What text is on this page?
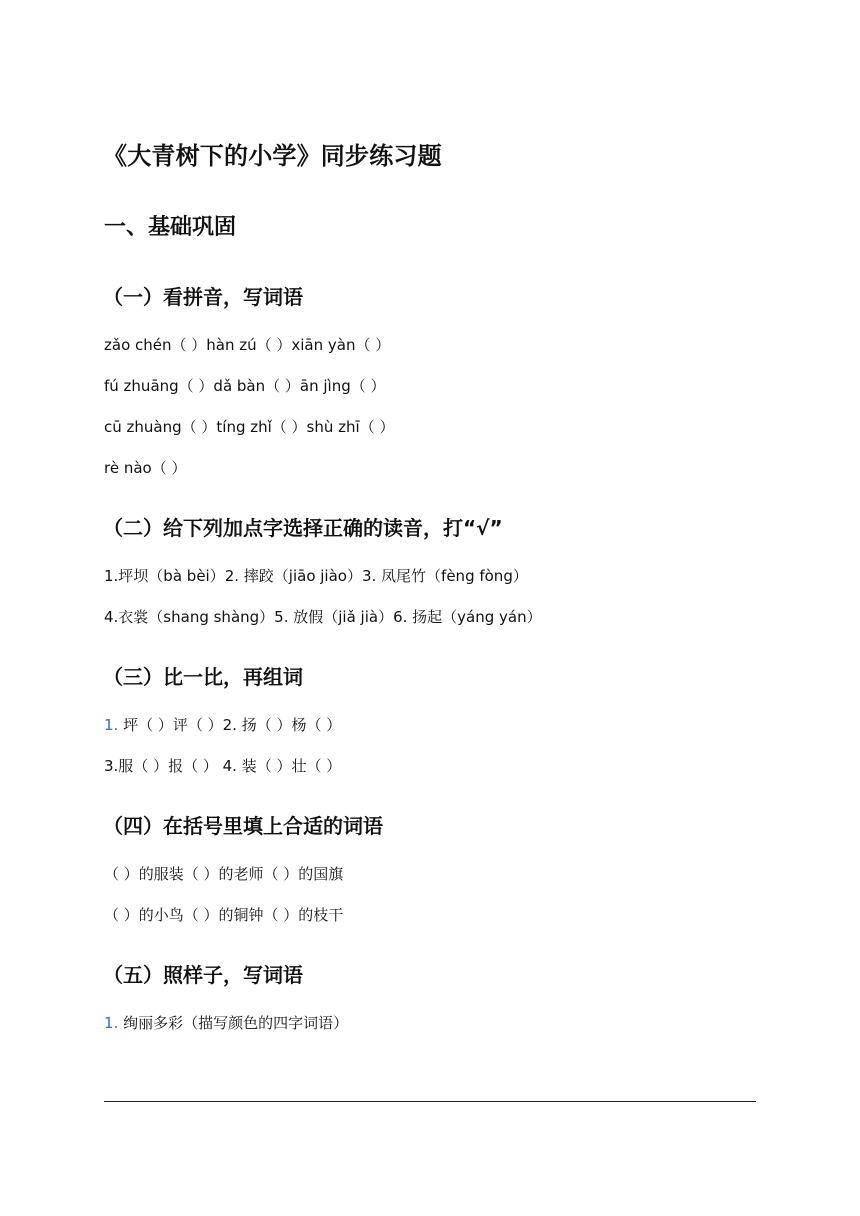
《大青树下的小学》同步练习题
一、基础巩固
（一）看拼音，写词语
zǎo chén（ ）hàn zú（ ）xiān yàn（ ）
fú zhuāng（ ）dǎ bàn（ ）ān jìng（ ）
cū zhuàng（ ）tíng zhǐ（ ）shù zhī（ ）
rè nào（ ）
（二）给下列加点字选择正确的读音，打“√”
1.坪坝（bà bèi）2. 摔跤（jiāo jiào）3. 凤尾竹（fèng fòng）
4.衣裳（shang shàng）5. 放假（jiǎ jià）6. 扬起（yáng yán）
（三）比一比，再组词
1. 坪（ ）评（ ）2. 扬（ ）杨（ ）
3.服（ ）报（ ） 4. 装（ ）壮（ ）
（四）在括号里填上合适的词语
（ ）的服装（ ）的老师（ ）的国旗
（ ）的小鸟（ ）的铜钟（ ）的枝干
（五）照样子，写词语
1. 绚丽多彩（描写颜色的四字词语）
